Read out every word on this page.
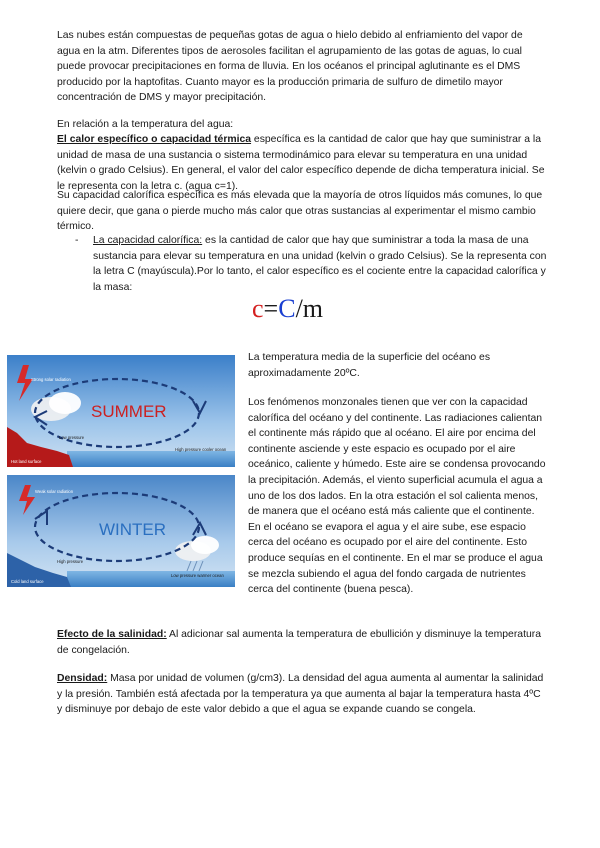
Las nubes están compuestas de pequeñas gotas de agua o hielo debido al enfriamiento del vapor de agua en la atm. Diferentes tipos de aerosoles facilitan el agrupamiento de las gotas de aguas, lo cual puede provocar precipitaciones en forma de lluvia. En los océanos el principal aglutinante es el DMS producido por la haptofitas. Cuanto mayor es la producción primaria de sulfuro de dimetilo mayor concentración de DMS y mayor precipitación.

En relación a la temperatura del agua:

El calor específico o capacidad térmica específica es la cantidad de calor que hay que suministrar a la unidad de masa de una sustancia o sistema termodinámico para elevar su temperatura en una unidad (kelvin o grado Celsius). En general, el valor del calor específico depende de dicha temperatura inicial. Se le representa con la letra c. (agua c=1).

Su capacidad calorífica específica es más elevada que la mayoría de otros líquidos más comunes, lo que quiere decir, que gana o pierde mucho más calor que otras sustancias al experimentar el mismo cambio térmico.

- La capacidad calorífica: es la cantidad de calor que hay que suministrar a toda la masa de una sustancia para elevar su temperatura en una unidad (kelvin o grado Celsius). Se la representa con la letra C (mayúscula).Por lo tanto, el calor específico es el cociente entre la capacidad calorífica y la masa:

c=C/m
SUMMER
Strong solar radiation
Low pressure
High pressure cooler ocean
Hot land surface
WINTER
Weak solar radiation
High pressure
Low pressure warmer ocean
Cold land surface

La temperatura media de la superficie del océano es aproximadamente 20ºC.

Los fenómenos monzonales tienen que ver con la capacidad calorífica del océano y del continente. Las radiaciones calientan el continente más rápido que al océano. El aire por encima del continente asciende y este espacio es ocupado por el aire oceánico, caliente y húmedo. Este aire se condensa provocando la precipitación. Además, el viento superficial acumula el agua a uno de los dos lados. En la otra estación el sol calienta menos, de manera que el océano está más caliente que el continente. En el océano se evapora el agua y el aire sube, ese espacio cerca del océano es ocupado por el aire del continente. Esto produce sequías en el continente. En el mar se produce el agua se mezcla subiendo el agua del fondo cargada de nutrientes cerca del continente (buena pesca).

Efecto de la salinidad: Al adicionar sal aumenta la temperatura de ebullición y disminuye la temperatura de congelación.

Densidad: Masa por unidad de volumen (g/cm3). La densidad del agua aumenta al aumentar la salinidad y la presión. También está afectada por la temperatura ya que aumenta al bajar la temperatura hasta 4ºC y disminuye por debajo de este valor debido a que el agua se expande cuando se congela.
